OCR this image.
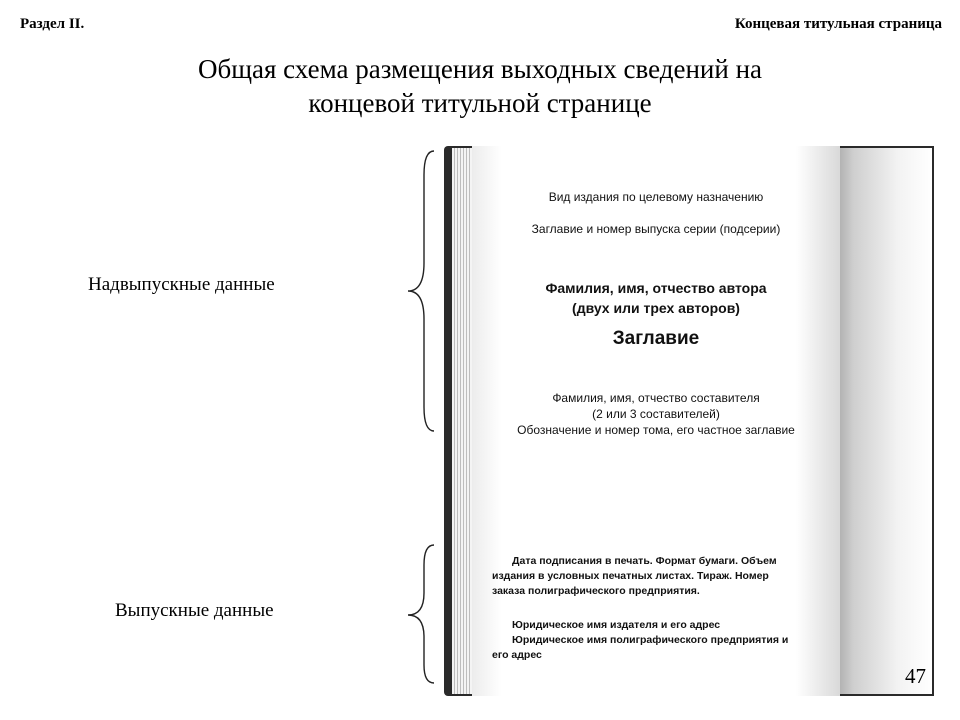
Раздел II.	Концевая титульная страница
Общая схема размещения выходных сведений на
концевой титульной странице
Надвыпускные данные
Выпускные данные
Вид издания по целевому назначению
Заглавие и номер выпуска серии (подсерии)
Фамилия, имя, отчество автора
(двух или трех авторов)
Заглавие
Фамилия, имя, отчество составителя
(2 или 3 составителей)
Обозначение и номер тома, его частное заглавие
Дата подписания в печать. Формат бумаги. Объем
издания в условных печатных листах. Тираж. Номер
заказа полиграфического предприятия.
Юридическое имя издателя и его адрес
Юридическое имя полиграфического предприятия и
его адрес
47
